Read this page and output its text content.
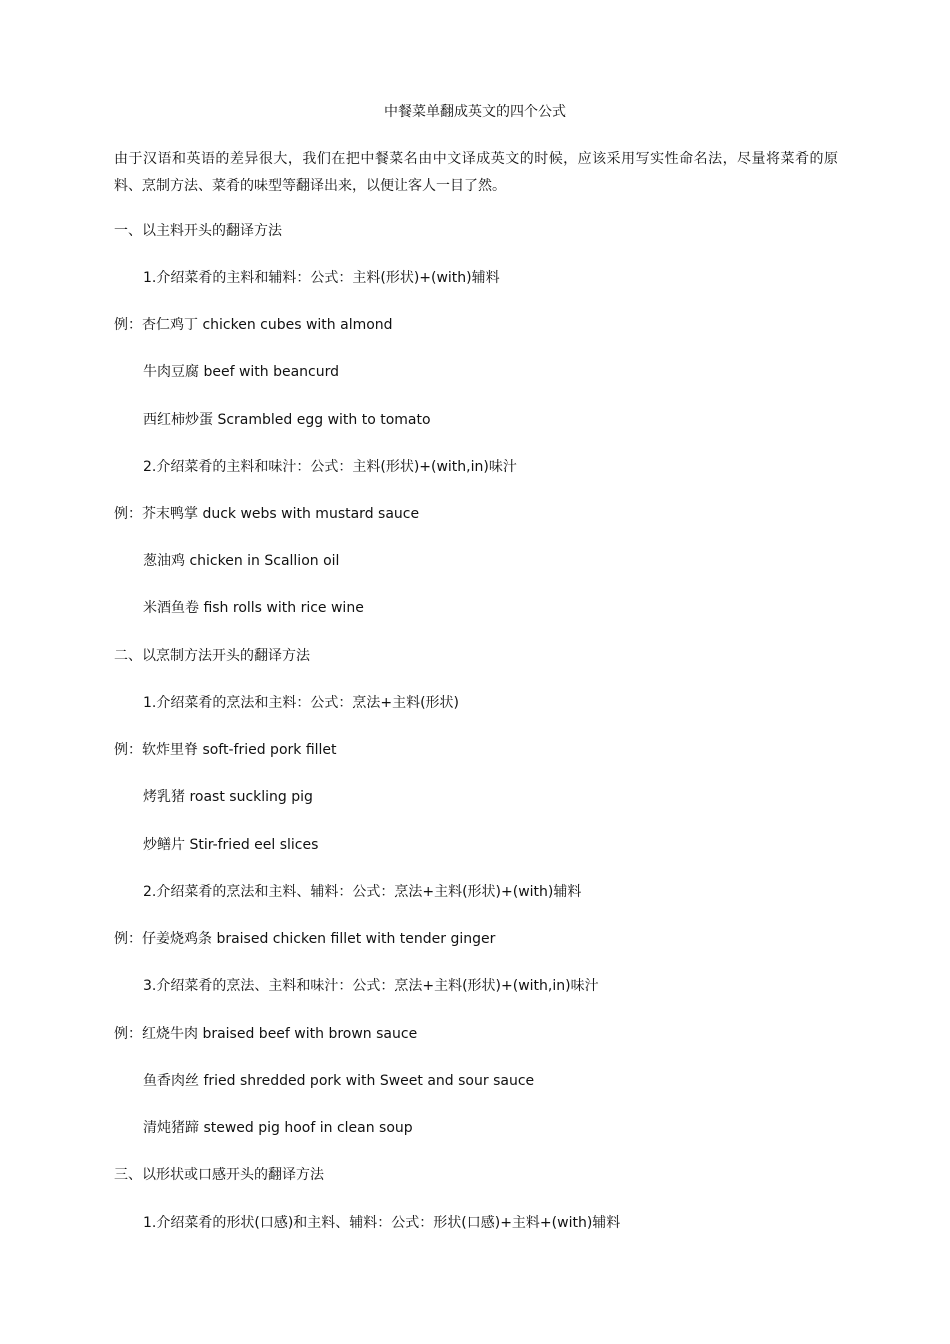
中餐菜单翻成英文的四个公式
由于汉语和英语的差异很大，我们在把中餐菜名由中文译成英文的时候，应该采用写实性命名法，尽量将菜肴的原料、烹制方法、菜肴的味型等翻译出来，以便让客人一目了然。
一、以主料开头的翻译方法
1.介绍菜肴的主料和辅料：公式：主料(形状)+(with)辅料
例：杏仁鸡丁 chicken cubes with almond
牛肉豆腐 beef with beancurd
西红柿炒蛋 Scrambled egg with to tomato
2.介绍菜肴的主料和味汁：公式：主料(形状)+(with,in)味汁
例：芥末鸭掌 duck webs with mustard sauce
葱油鸡 chicken in Scallion oil
米酒鱼卷 fish rolls with rice wine
二、以烹制方法开头的翻译方法
1.介绍菜肴的烹法和主料：公式：烹法+主料(形状)
例：软炸里脊 soft-fried pork fillet
烤乳猪 roast suckling pig
炒鳝片 Stir-fried eel slices
2.介绍菜肴的烹法和主料、辅料：公式：烹法+主料(形状)+(with)辅料
例：仔姜烧鸡条 braised chicken fillet with tender ginger
3.介绍菜肴的烹法、主料和味汁：公式：烹法+主料(形状)+(with,in)味汁
例：红烧牛肉 braised beef with brown sauce
鱼香肉丝 fried shredded pork with Sweet and sour sauce
清炖猪蹄 stewed pig hoof in clean soup
三、以形状或口感开头的翻译方法
1.介绍菜肴的形状(口感)和主料、辅料：公式：形状(口感)+主料+(with)辅料
